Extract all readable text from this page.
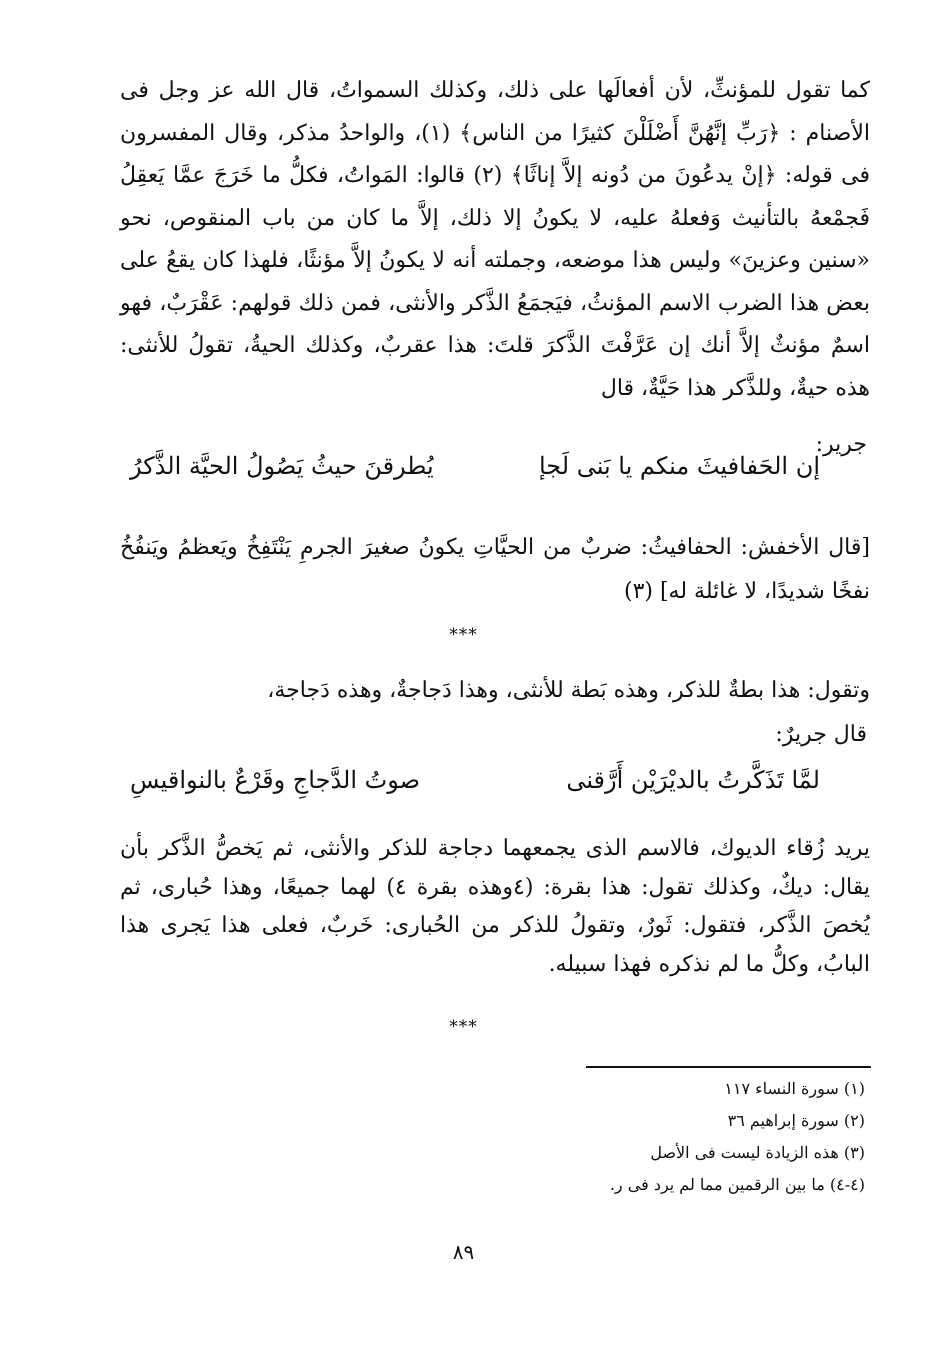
كما تقول للمؤنثِّ، لأن أفعالَها على ذلك، وكذلك السمواتُ، قال الله عز وجل فى الأصنام : ﴿رَبِّ إنَّهُنَّ أَضْلَلْنَ كثيرًا من الناس﴾ (١)، والواحدُ مذكر، وقال المفسرون فى قوله: ﴿إنْ يدعُونَ من دُونه إلاَّ إناثًا﴾ (٢) قالوا: المَواتُ، فكلُّ ما خَرَجَ عمَّا يَعقِلُ فَجمْعهُ بالتأنيث وَفعلهُ عليه، لا يكونُ إلا ذلك، إلاَّ ما كان من باب المنقوص، نحو «سنين وعزينَ» وليس هذا موضعه، وجملته أنه لا يكونُ إلاَّ مؤنثًا، فلهذا كان يقعُ على بعض هذا الضرب الاسم المؤنثُ، فيَجمَعُ الذَّكر والأنثى، فمن ذلك قولهم: عَقْرَبٌ، فهو اسمٌ مؤنثٌ إلاَّ أنك إن عَرَّفْتَ الذَّكرَ قلتَ: هذا عقربٌ، وكذلك الحيةُ، تقولُ للأنثى: هذه حيةٌ، وللذَّكر هذا حَيَّةٌ، قال
جرير:
إن الحَفافيثَ منكم يا بَنى لَجإ
يُطرقنَ حيثُ يَصُولُ الحيَّة الذَّكرُ
[قال الأخفش: الحفافيثُ: ضربٌ من الحيَّاتِ يكونُ صغيرَ الجرمِ يَنْتَفِخُ ويَعظمُ ويَنفُخُ نفخًا شديدًا، لا غائلة له] (٣)
***
وتقول: هذا بطةٌ للذكر، وهذه بَطة للأنثى، وهذا دَجاجةٌ، وهذه دَجاجة،
قال جريرٌ:
لمَّا تَذَكَّرتُ بالديْرَيْن أَرَّقنى
صوتُ الدَّجاجِ وقَرْعٌ بالنواقيسِ
يريد زُقاء الديوك، فالاسم الذى يجمعهما دجاجة للذكر والأنثى، ثم يَخصُّ الذَّكر بأن يقال: ديكٌ، وكذلك تقول: هذا بقرة: (٤وهذه بقرة ٤) لهما جميعًا، وهذا حُبارى، ثم يُخصَ الذَّكر، فتقول: ثَورٌ، وتقولُ للذكر من الحُبارى: خَربٌ، فعلى هذا يَجرى هذا البابُ، وكلُّ ما لم نذكره فهذا سبيله.
***
(١) سورة النساء ١١٧
(٢) سورة إبراهيم ٣٦
(٣) هذه الزيادة ليست فى الأصل
(٤-٤) ما بين الرقمين مما لم يرد فى ر.
٨٩
